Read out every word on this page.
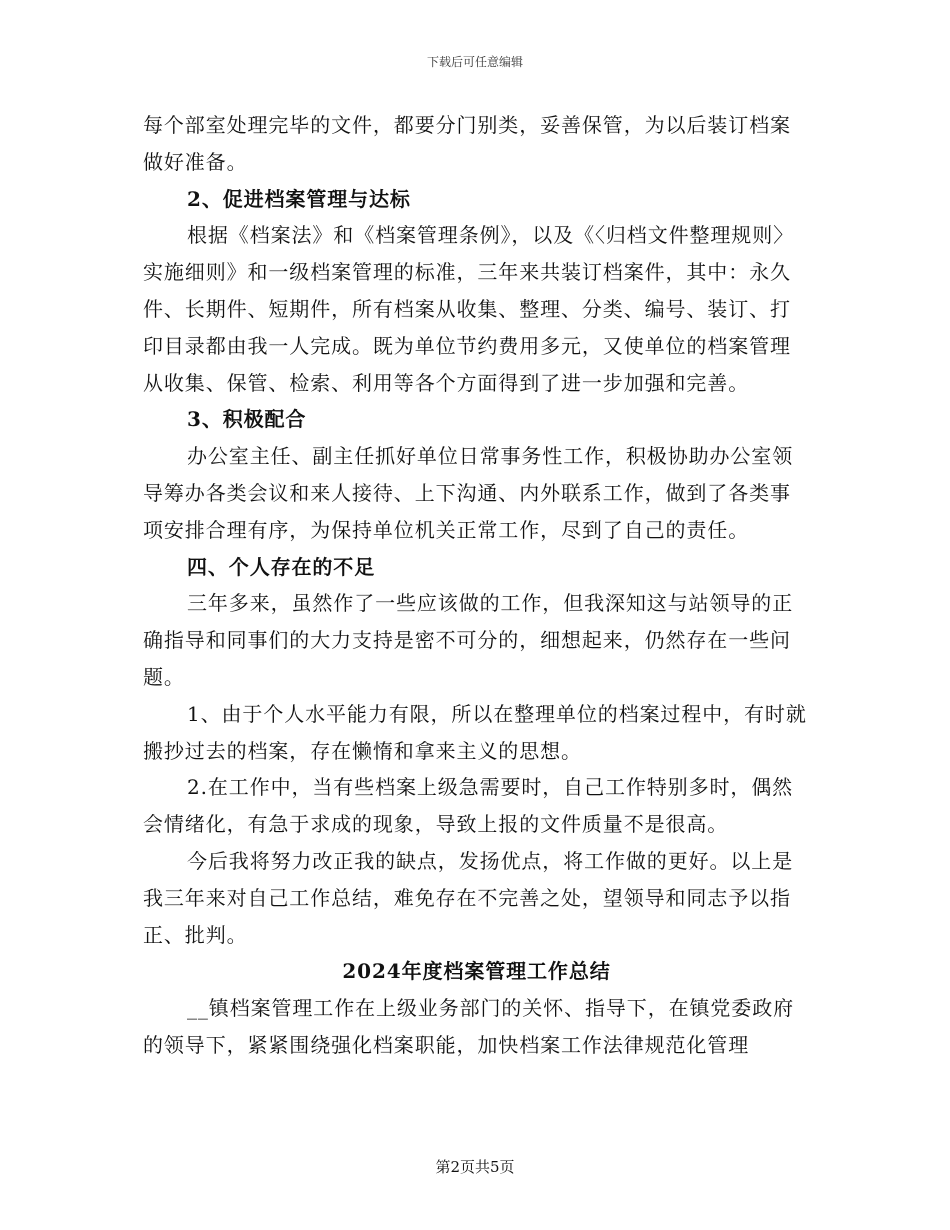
下载后可任意编辑

每个部室处理完毕的文件，都要分门别类，妥善保管，为以后装订档案做好准备。

2、促进档案管理与达标

根据《档案法》和《档案管理条例》，以及《〈归档文件整理规则〉实施细则》和一级档案管理的标准，三年来共装订档案件，其中：永久件、长期件、短期件，所有档案从收集、整理、分类、编号、装订、打印目录都由我一人完成。既为单位节约费用多元，又使单位的档案管理从收集、保管、检索、利用等各个方面得到了进一步加强和完善。

3、积极配合

办公室主任、副主任抓好单位日常事务性工作，积极协助办公室领导筹办各类会议和来人接待、上下沟通、内外联系工作，做到了各类事项安排合理有序，为保持单位机关正常工作，尽到了自己的责任。

四、个人存在的不足

三年多来，虽然作了一些应该做的工作，但我深知这与站领导的正确指导和同事们的大力支持是密不可分的，细想起来，仍然存在一些问题。

1、由于个人水平能力有限，所以在整理单位的档案过程中，有时就搬抄过去的档案，存在懒惰和拿来主义的思想。

2.在工作中，当有些档案上级急需要时，自己工作特别多时，偶然会情绪化，有急于求成的现象，导致上报的文件质量不是很高。

今后我将努力改正我的缺点，发扬优点，将工作做的更好。以上是我三年来对自己工作总结，难免存在不完善之处，望领导和同志予以指正、批判。

2024年度档案管理工作总结

__镇档案管理工作在上级业务部门的关怀、指导下，在镇党委政府的领导下，紧紧围绕强化档案职能，加快档案工作法律规范化管理

第2页共5页
